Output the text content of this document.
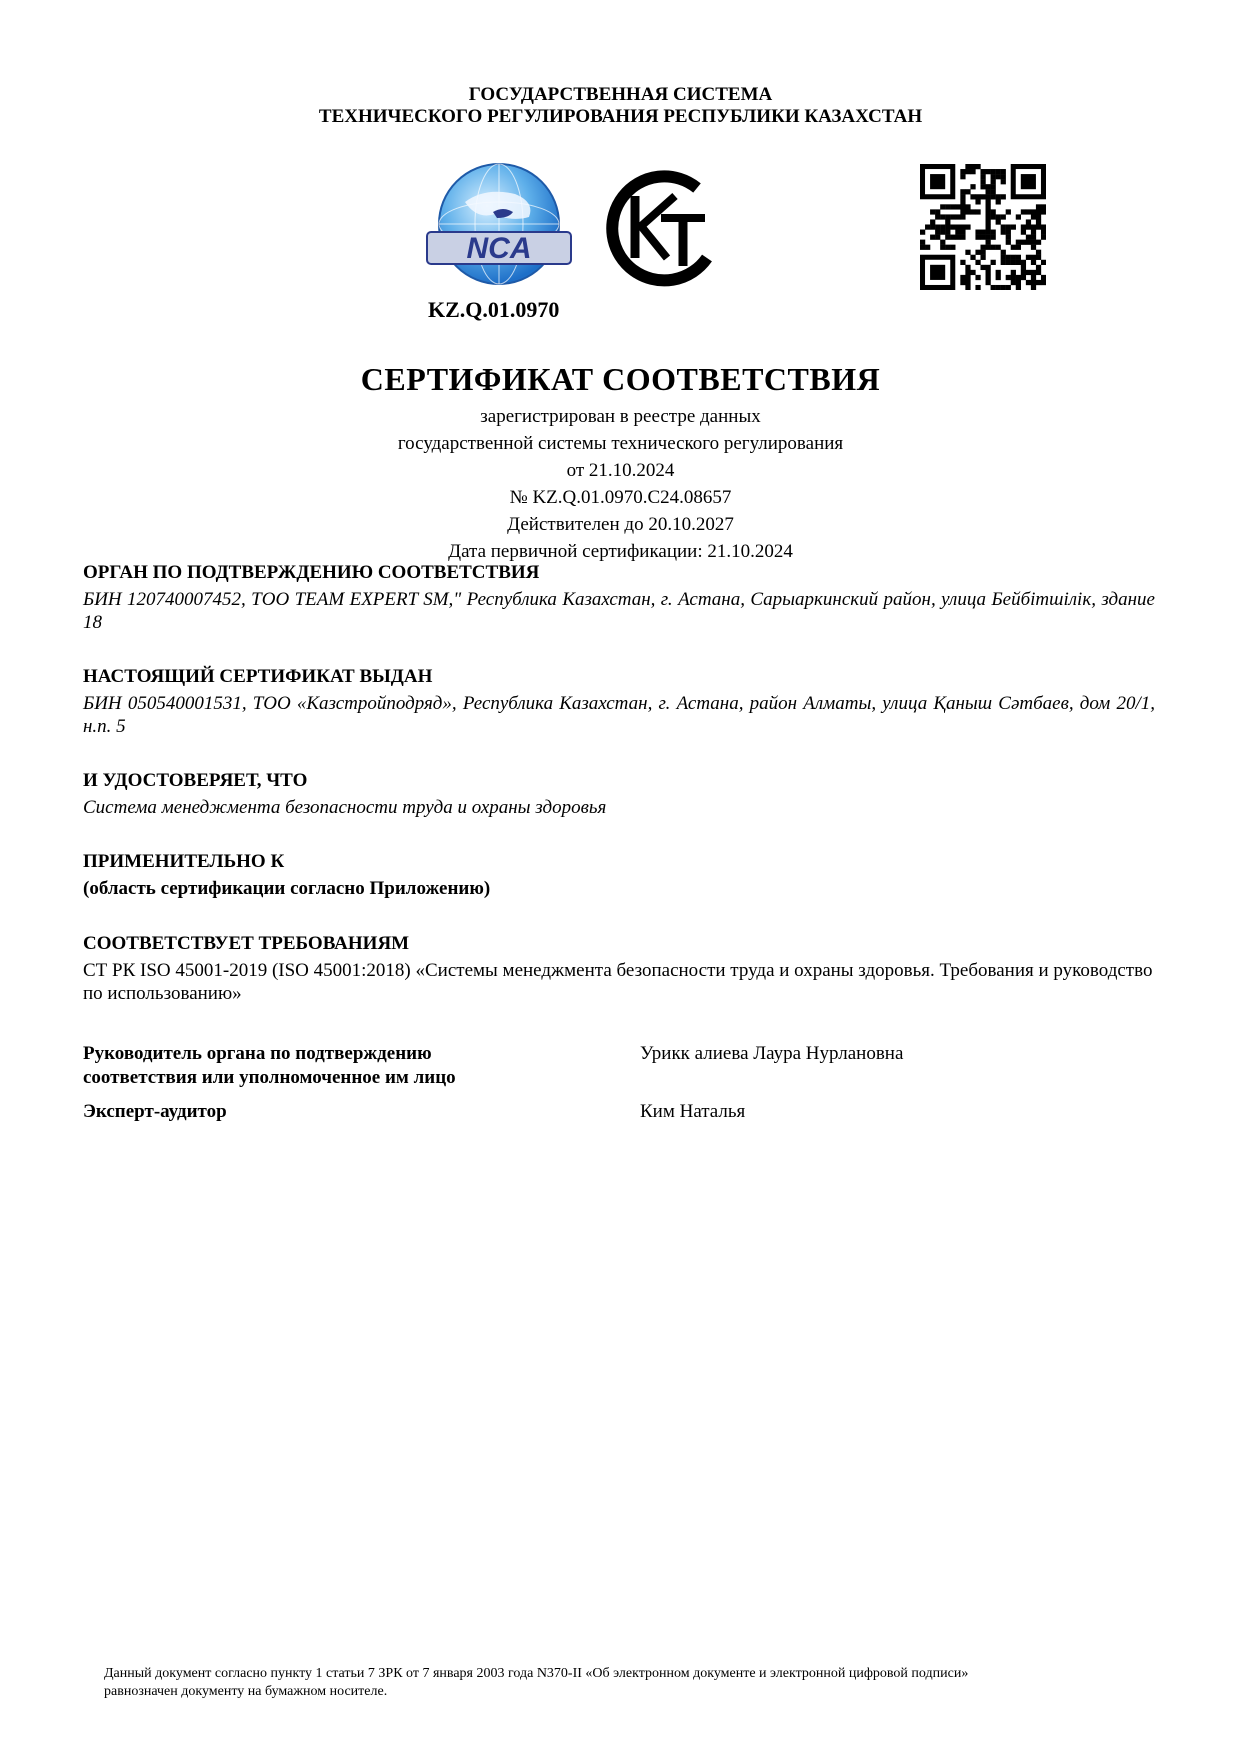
ГОСУДАРСТВЕННАЯ СИСТЕМА
ТЕХНИЧЕСКОГО РЕГУЛИРОВАНИЯ РЕСПУБЛИКИ КАЗАХСТАН
NCA
KZ.Q.01.0970
СЕРТИФИКАТ СООТВЕТСТВИЯ
зарегистрирован в реестре данных
государственной системы технического регулирования
от 21.10.2024
№ KZ.Q.01.0970.С24.08657
Действителен до 20.10.2027
Дата первичной сертификации: 21.10.2024
ОРГАН ПО ПОДТВЕРЖДЕНИЮ СООТВЕТСТВИЯ
БИН 120740007452, ТОО TEAM EXPERT SM," Республика Казахстан, г. Астана, Сарыаркинский район, улица Бейбітшілік, здание 18
НАСТОЯЩИЙ СЕРТИФИКАТ ВЫДАН
БИН 050540001531, ТОО «Казстройподряд», Республика Казахстан, г. Астана, район Алматы, улица Қаныш Сәтбаев, дом 20/1, н.п. 5
И УДОСТОВЕРЯЕТ, ЧТО
Система менеджмента безопасности труда и охраны здоровья
ПРИМЕНИТЕЛЬНО К
(область сертификации согласно Приложению)
СООТВЕТСТВУЕТ ТРЕБОВАНИЯМ
СТ РК ISO 45001-2019 (ISO 45001:2018) «Системы менеджмента безопасности труда и охраны здоровья. Требования и руководство по использованию»
Руководитель органа по подтверждению
соответствия или уполномоченное им лицо
Урикк алиева Лаура Нурлановна
Эксперт-аудитор	Ким Наталья
Данный документ согласно пункту 1 статьи 7 ЗРК от 7 января 2003 года N370-II «Об электронном документе и электронной цифровой подписи»
равнозначен документу на бумажном носителе.
